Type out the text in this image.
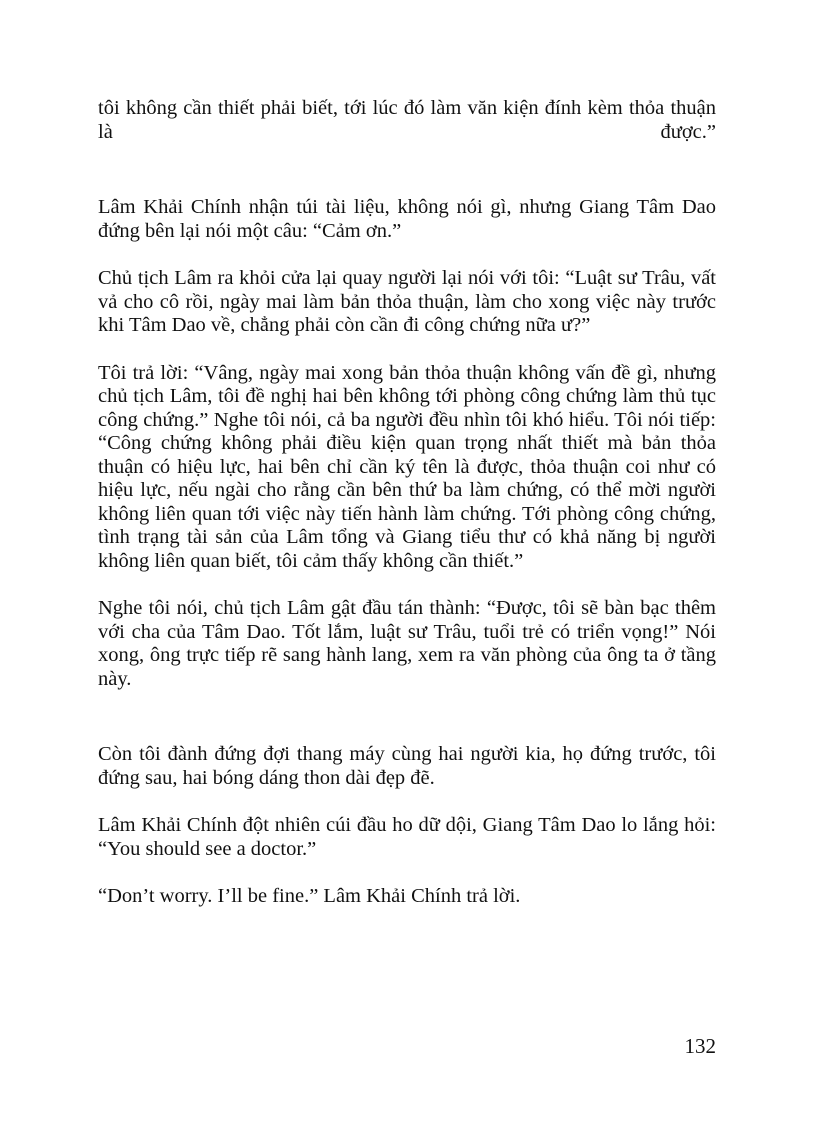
tôi không cần thiết phải biết, tới lúc đó làm văn kiện đính kèm thỏa thuận là được.”

Lâm Khải Chính nhận túi tài liệu, không nói gì, nhưng Giang Tâm Dao đứng bên lại nói một câu: “Cảm ơn.”

Chủ tịch Lâm ra khỏi cửa lại quay người lại nói với tôi: “Luật sư Trâu, vất vả cho cô rồi, ngày mai làm bản thỏa thuận, làm cho xong việc này trước khi Tâm Dao về, chẳng phải còn cần đi công chứng nữa ư?”

Tôi trả lời: “Vâng, ngày mai xong bản thỏa thuận không vấn đề gì, nhưng chủ tịch Lâm, tôi đề nghị hai bên không tới phòng công chứng làm thủ tục công chứng.” Nghe tôi nói, cả ba người đều nhìn tôi khó hiểu. Tôi nói tiếp: “Công chứng không phải điều kiện quan trọng nhất thiết mà bản thỏa thuận có hiệu lực, hai bên chỉ cần ký tên là được, thỏa thuận coi như có hiệu lực, nếu ngài cho rằng cần bên thứ ba làm chứng, có thể mời người không liên quan tới việc này tiến hành làm chứng. Tới phòng công chứng, tình trạng tài sản của Lâm tổng và Giang tiểu thư có khả năng bị người không liên quan biết, tôi cảm thấy không cần thiết.”

Nghe tôi nói, chủ tịch Lâm gật đầu tán thành: “Được, tôi sẽ bàn bạc thêm với cha của Tâm Dao. Tốt lắm, luật sư Trâu, tuổi trẻ có triển vọng!” Nói xong, ông trực tiếp rẽ sang hành lang, xem ra văn phòng của ông ta ở tầng này.

Còn tôi đành đứng đợi thang máy cùng hai người kia, họ đứng trước, tôi đứng sau, hai bóng dáng thon dài đẹp đẽ.

Lâm Khải Chính đột nhiên cúi đầu ho dữ dội, Giang Tâm Dao lo lắng hỏi: “You should see a doctor.”

“Don’t worry. I’ll be fine.” Lâm Khải Chính trả lời.

132
